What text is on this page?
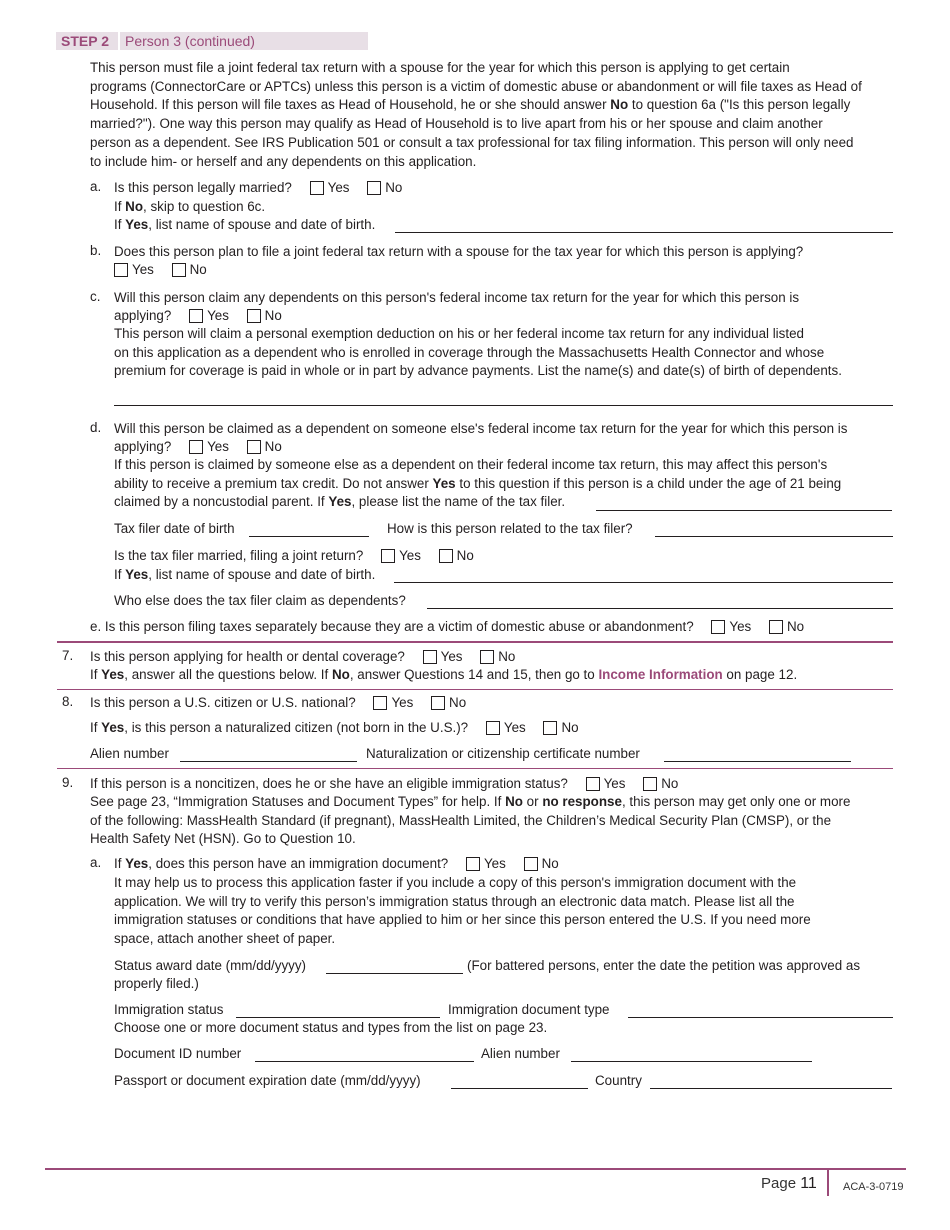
STEP 2 Person 3 (continued)
This person must file a joint federal tax return with a spouse for the year for which this person is applying to get certain
programs (ConnectorCare or APTCs) unless this person is a victim of domestic abuse or abandonment or will file taxes as Head of
Household. If this person will file taxes as Head of Household, he or she should answer No to question 6a ("Is this person legally
married?"). One way this person may qualify as Head of Household is to live apart from his or her spouse and claim another
person as a dependent. See IRS Publication 501 or consult a tax professional for tax filing information. This person will only need
to include him- or herself and any dependents on this application.
a. Is this person legally married?	Yes	No
If No, skip to question 6c.
If Yes, list name of spouse and date of birth.
b. Does this person plan to file a joint federal tax return with a spouse for the tax year for which this person is applying?
Yes	No
c. Will this person claim any dependents on this person's federal income tax return for the year for which this person is
applying?	Yes	No
This person will claim a personal exemption deduction on his or her federal income tax return for any individual listed
on this application as a dependent who is enrolled in coverage through the Massachusetts Health Connector and whose
premium for coverage is paid in whole or in part by advance payments. List the name(s) and date(s) of birth of dependents.
d. Will this person be claimed as a dependent on someone else's federal income tax return for the year for which this person is
applying?	Yes	No
If this person is claimed by someone else as a dependent on their federal income tax return, this may affect this person's
ability to receive a premium tax credit. Do not answer Yes to this question if this person is a child under the age of 21 being
claimed by a noncustodial parent. If Yes, please list the name of the tax filer.
Tax filer date of birth	How is this person related to the tax filer?
Is the tax filer married, filing a joint return?	Yes	No
If Yes, list name of spouse and date of birth.
Who else does the tax filer claim as dependents?
e. Is this person filing taxes separately because they are a victim of domestic abuse or abandonment?	Yes	No
7. Is this person applying for health or dental coverage?	Yes	No
If Yes, answer all the questions below. If No, answer Questions 14 and 15, then go to Income Information on page 12.
8. Is this person a U.S. citizen or U.S. national?	Yes	No
If Yes, is this person a naturalized citizen (not born in the U.S.)?	Yes	No
Alien number	Naturalization or citizenship certificate number
9. If this person is a noncitizen, does he or she have an eligible immigration status?	Yes	No
See page 23, “Immigration Statuses and Document Types” for help. If No or no response, this person may get only one or more
of the following: MassHealth Standard (if pregnant), MassHealth Limited, the Children’s Medical Security Plan (CMSP), or the
Health Safety Net (HSN). Go to Question 10.
a. If Yes, does this person have an immigration document?	Yes	No
It may help us to process this application faster if you include a copy of this person's immigration document with the
application. We will try to verify this person’s immigration status through an electronic data match. Please list all the
immigration statuses or conditions that have applied to him or her since this person entered the U.S. If you need more
space, attach another sheet of paper.
Status award date (mm/dd/yyyy)	(For battered persons, enter the date the petition was approved as
properly filed.)
Immigration status	Immigration document type
Choose one or more document status and types from the list on page 23.
Document ID number	Alien number
Passport or document expiration date (mm/dd/yyyy)	Country
Page 11 ACA-3-0719
